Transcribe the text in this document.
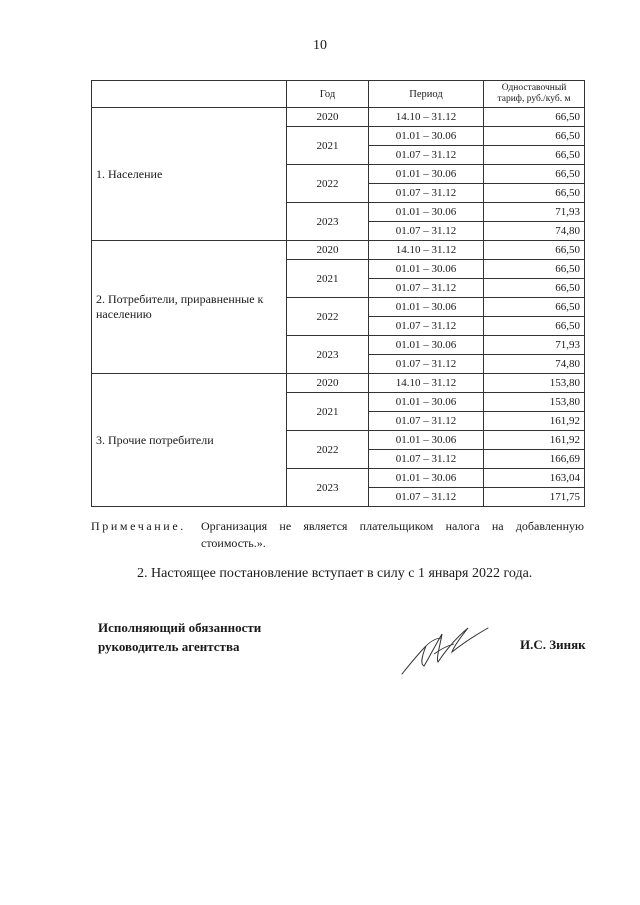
10
	Год	Период	Одноставочный
тариф, руб./куб. м
1. Население	2020	14.10 – 31.12	66,50
	2021	01.01 – 30.06	66,50
		01.07 – 31.12	66,50
	2022	01.01 – 30.06	66,50
		01.07 – 31.12	66,50
	2023	01.01 – 30.06	71,93
		01.07 – 31.12	74,80
2. Потребители, приравненные к населению	2020	14.10 – 31.12	66,50
	2021	01.01 – 30.06	66,50
		01.07 – 31.12	66,50
	2022	01.01 – 30.06	66,50
		01.07 – 31.12	66,50
	2023	01.01 – 30.06	71,93
		01.07 – 31.12	74,80
3. Прочие потребители	2020	14.10 – 31.12	153,80
	2021	01.01 – 30.06	153,80
		01.07 – 31.12	161,92
	2022	01.01 – 30.06	161,92
		01.07 – 31.12	166,69
	2023	01.01 – 30.06	163,04
		01.07 – 31.12	171,75
Примечание. Организация не является плательщиком налога на добавленную стоимость.».
2. Настоящее постановление вступает в силу с 1 января 2022 года.
Исполняющий обязанности
руководитель агентства	И.С. Зиняк
